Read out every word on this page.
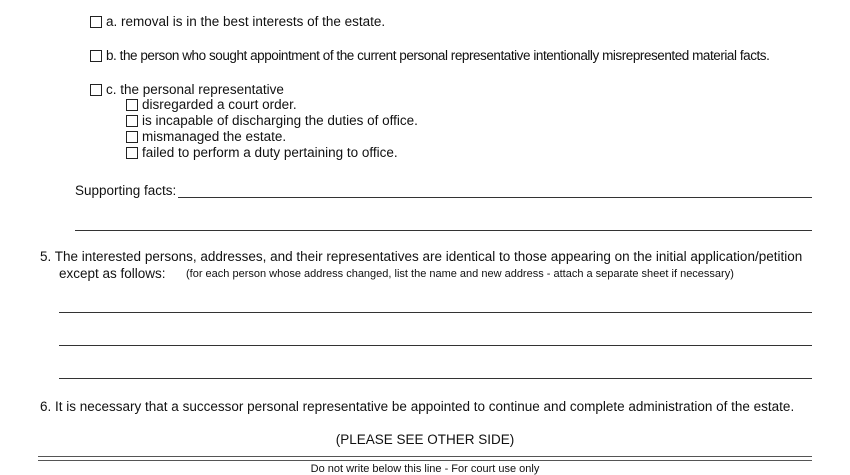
a. removal is in the best interests of the estate.
b. the person who sought appointment of the current personal representative intentionally misrepresented material facts.
c. the personal representative
disregarded a court order.
is incapable of discharging the duties of office.
mismanaged the estate.
failed to perform a duty pertaining to office.
Supporting facts:
5. The interested persons, addresses, and their representatives are identical to those appearing on the initial application/petition
except as follows: (for each person whose address changed, list the name and new address - attach a separate sheet if necessary)
6. It is necessary that a successor personal representative be appointed to continue and complete administration of the estate.
(PLEASE SEE OTHER SIDE)
Do not write below this line - For court use only
